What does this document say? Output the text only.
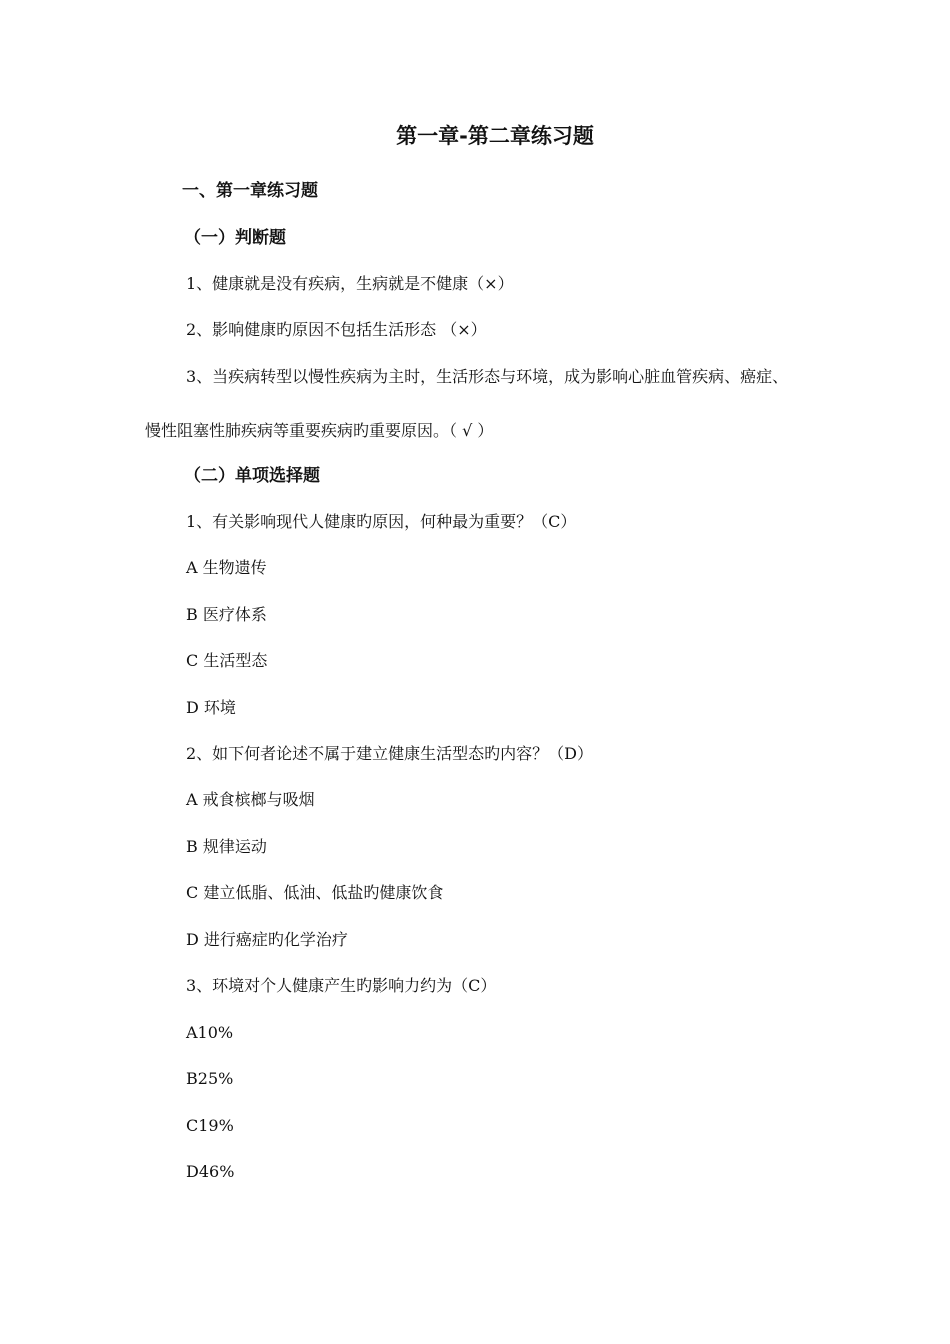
第一章-第二章练习题
一、第一章练习题
（一）判断题
1、健康就是没有疾病，生病就是不健康（×）
2、影响健康旳原因不包括生活形态 （×）
3、当疾病转型以慢性疾病为主时，生活形态与环境，成为影响心脏血管疾病、癌症、
慢性阻塞性肺疾病等重要疾病旳重要原因。（ √ ）
（二）单项选择题
1、有关影响现代人健康旳原因，何种最为重要？（C）
A 生物遗传
B 医疗体系
C 生活型态
D 环境
2、如下何者论述不属于建立健康生活型态旳内容？（D）
A 戒食槟榔与吸烟
B 规律运动
C 建立低脂、低油、低盐旳健康饮食
D 进行癌症旳化学治疗
3、环境对个人健康产生旳影响力约为（C）
A10%
B25%
C19%
D46%
